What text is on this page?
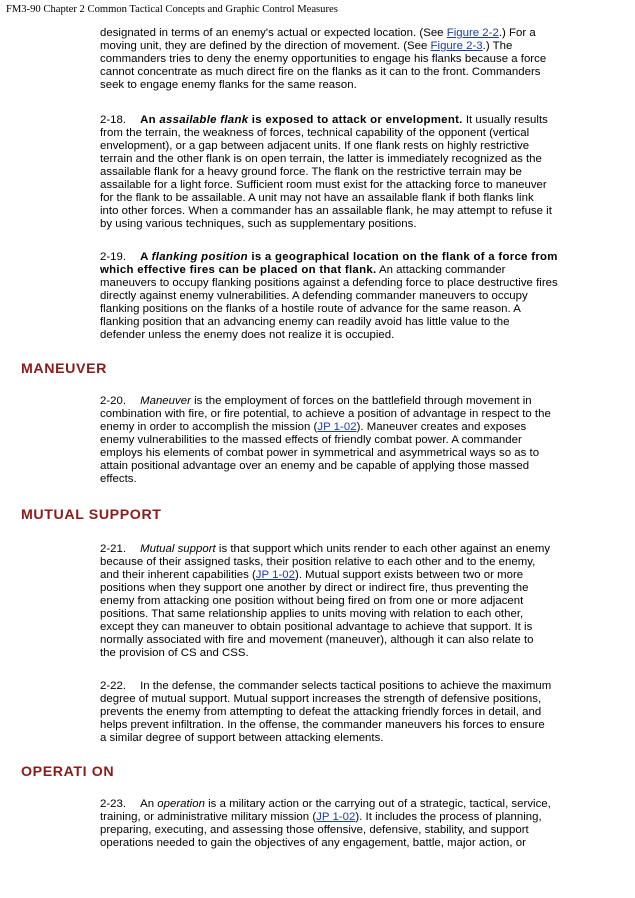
FM3-90 Chapter 2 Common Tactical Concepts and Graphic Control Measures
designated in terms of an enemy's actual or expected location. (See Figure 2-2.) For a
moving unit, they are defined by the direction of movement. (See Figure 2-3.) The
commanders tries to deny the enemy opportunities to engage his flanks because a force
cannot concentrate as much direct fire on the flanks as it can to the front. Commanders
seek to engage enemy flanks for the same reason.
2-18. An assailable flank is exposed to attack or envelopment. It usually results
from the terrain, the weakness of forces, technical capability of the opponent (vertical
envelopment), or a gap between adjacent units. If one flank rests on highly restrictive
terrain and the other flank is on open terrain, the latter is immediately recognized as the
assailable flank for a heavy ground force. The flank on the restrictive terrain may be
assailable for a light force. Sufficient room must exist for the attacking force to maneuver
for the flank to be assailable. A unit may not have an assailable flank if both flanks link
into other forces. When a commander has an assailable flank, he may attempt to refuse it
by using various techniques, such as supplementary positions.
2-19. A flanking position is a geographical location on the flank of a force from
which effective fires can be placed on that flank. An attacking commander
maneuvers to occupy flanking positions against a defending force to place destructive fires
directly against enemy vulnerabilities. A defending commander maneuvers to occupy
flanking positions on the flanks of a hostile route of advance for the same reason. A
flanking position that an advancing enemy can readily avoid has little value to the
defender unless the enemy does not realize it is occupied.
MANEUVER
2-20. Maneuver is the employment of forces on the battlefield through movement in
combination with fire, or fire potential, to achieve a position of advantage in respect to the
enemy in order to accomplish the mission (JP 1-02). Maneuver creates and exposes
enemy vulnerabilities to the massed effects of friendly combat power. A commander
employs his elements of combat power in symmetrical and asymmetrical ways so as to
attain positional advantage over an enemy and be capable of applying those massed
effects.
MUTUAL SUPPORT
2-21. Mutual support is that support which units render to each other against an enemy
because of their assigned tasks, their position relative to each other and to the enemy,
and their inherent capabilities (JP 1-02). Mutual support exists between two or more
positions when they support one another by direct or indirect fire, thus preventing the
enemy from attacking one position without being fired on from one or more adjacent
positions. That same relationship applies to units moving with relation to each other,
except they can maneuver to obtain positional advantage to achieve that support. It is
normally associated with fire and movement (maneuver), although it can also relate to
the provision of CS and CSS.
2-22. In the defense, the commander selects tactical positions to achieve the maximum
degree of mutual support. Mutual support increases the strength of defensive positions,
prevents the enemy from attempting to defeat the attacking friendly forces in detail, and
helps prevent infiltration. In the offense, the commander maneuvers his forces to ensure
a similar degree of support between attacking elements.
OPERATI ON
2-23. An operation is a military action or the carrying out of a strategic, tactical, service,
training, or administrative military mission (JP 1-02). It includes the process of planning,
preparing, executing, and assessing those offensive, defensive, stability, and support
operations needed to gain the objectives of any engagement, battle, major action, or
